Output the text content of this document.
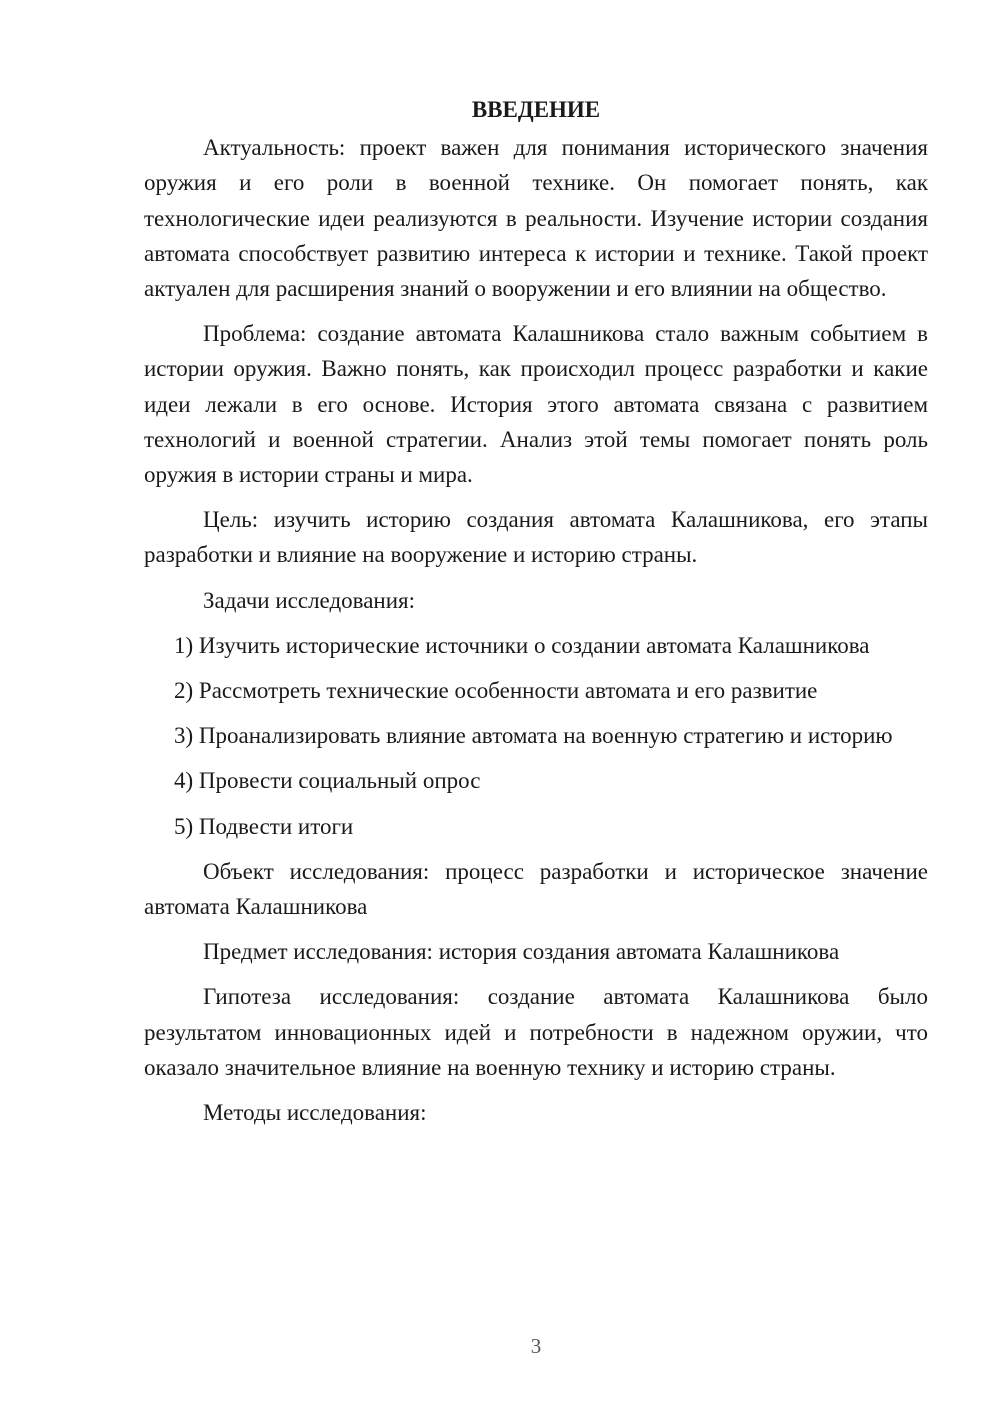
ВВЕДЕНИЕ

Актуальность: проект важен для понимания исторического значения оружия и его роли в военной технике. Он помогает понять, как технологические идеи реализуются в реальности. Изучение истории создания автомата способствует развитию интереса к истории и технике. Такой проект актуален для расширения знаний о вооружении и его влиянии на общество.

Проблема: создание автомата Калашникова стало важным событием в истории оружия. Важно понять, как происходил процесс разработки и какие идеи лежали в его основе. История этого автомата связана с развитием технологий и военной стратегии. Анализ этой темы помогает понять роль оружия в истории страны и мира.

Цель: изучить историю создания автомата Калашникова, его этапы разработки и влияние на вооружение и историю страны.

Задачи исследования:

1) Изучить исторические источники о создании автомата Калашникова

2) Рассмотреть технические особенности автомата и его развитие

3) Проанализировать влияние автомата на военную стратегию и историю

4) Провести социальный опрос

5) Подвести итоги

Объект исследования: процесс разработки и историческое значение автомата Калашникова

Предмет исследования: история создания автомата Калашникова

Гипотеза исследования: создание автомата Калашникова было результатом инновационных идей и потребности в надежном оружии, что оказало значительное влияние на военную технику и историю страны.

Методы исследования:

3
